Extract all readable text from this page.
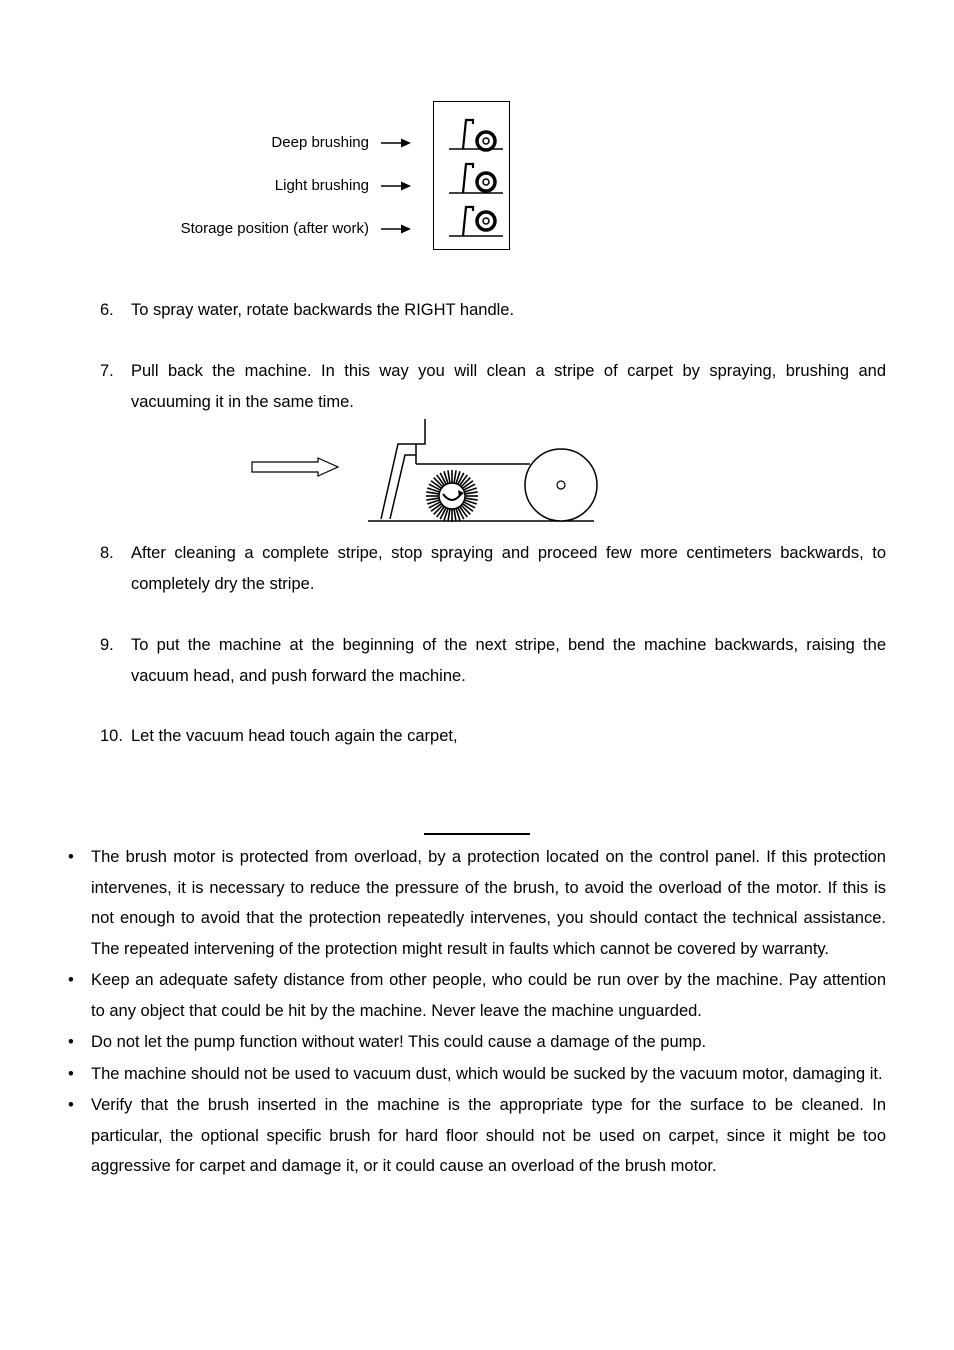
Deep brushing
Light brushing
Storage position (after work)
6.	To spray water, rotate backwards the RIGHT handle.
7.	Pull back the machine. In this way you will clean a stripe of carpet by spraying, brushing and vacuuming it in the same time.
8.	After cleaning a complete stripe, stop spraying and proceed few more centimeters backwards, to completely dry the stripe.
9.	To put the machine at the beginning of the next stripe, bend the machine backwards, raising the vacuum head, and push forward the machine.
10. Let the vacuum head touch again the carpet,
• The brush motor is protected from overload, by a protection located on the control panel. If this protection intervenes, it is necessary to reduce the pressure of the brush, to avoid the overload of the motor. If this is not enough to avoid that the protection repeatedly intervenes, you should contact the technical assistance. The repeated intervening of the protection might result in faults which cannot be covered by warranty.
• Keep an adequate safety distance from other people, who could be run over by the machine. Pay attention to any object that could be hit by the machine. Never leave the machine unguarded.
• Do not let the pump function without water! This could cause a damage of the pump.
• The machine should not be used to vacuum dust, which would be sucked by the vacuum motor, damaging it.
• Verify that the brush inserted in the machine is the appropriate type for the surface to be cleaned. In particular, the optional specific brush for hard floor should not be used on carpet, since it might be too aggressive for carpet and damage it, or it could cause an overload of the brush motor.
